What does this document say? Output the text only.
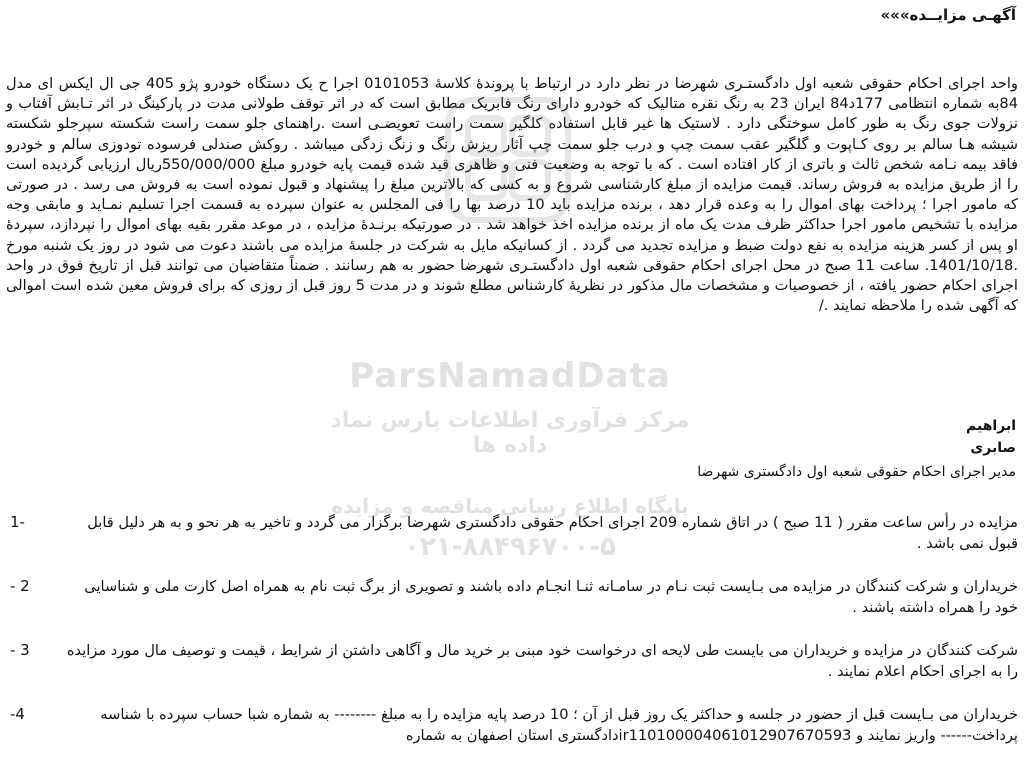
آگهـی مزایــده»»»
واحد اجرای احکام حقوقی شعبه اول دادگستـری شهرضا در نظر دارد در ارتباط با پروندۀ کلاسۀ 0101053 اجرا ح یک دستگاه خودرو پژو 405 جی ال ایکس ای مدل 84به شماره انتظامی 177د84 ایران 23 به رنگ نقره متالیک که خودرو دارای رنگ فابریک مطابق است که در اثر توقف طولانی مدت در پارکینگ در اثر تـابش آفتاب و نزولات جوی رنگ به طور کامل سوختگی دارد . لاستیک ها غیر قابل استفاده کلگیر سمت راست تعویضـی است .راهنمای جلو سمت راست شکسته سپرجلو شکسته شیشه هـا سالم بر روی کـاپوت و گلگیر عقب سمت چپ و درب جلو سمت چپ آثار ریزش رنگ و زنگ زدگی میباشد . روکش صندلی فرسوده تودوزی سالم و خودرو فاقد بیمه نـامه شخص ثالث و باتری از کار افتاده است . که با توجه به وضعیت فنی و ظاهری قید شده قیمت پایه خودرو مبلغ 550/000/000ریال ارزیابی گردیده است را از طریق مزایده به فروش رساند. قیمت مزایده از مبلغ کارشناسی شروع و به کسی که بالاترین مبلغ را پیشنهاد و قبول نموده است به فروش می رسد . در صورتی که مامور اجرا ؛ پرداخت بهای اموال را به وعده قرار دهد ، برنده مزایده باید 10 درصد بها را فی المجلس به عنوان سپرده به قسمت اجرا تسلیم نمـاید و مابقی وجه مزایده با تشخیص مامور اجرا حداکثر ظرف مدت یک ماه از برنده مزایده اخذ خواهد شد . در صورتیکه برنـدۀ مزایده ، در موعد مقرر بقیه بهای اموال را نپردازد، سپردۀ او پس از کسر هزینه مزایده به نفع دولت ضبط و مزایده تجدید می گردد . از کسانیکه مایل به شرکت در جلسۀ مزایده می باشند دعوت می شود در روز یک شنبه مورخ .1401/10/18. ساعت 11 صبح در محل اجرای احکام حقوقی شعبه اول دادگستـری شهرضا حضور به هم رسانند . ضمناً متقاضیان می توانند قبل از تاریخ فوق در واحد اجرای احکام حضور یافته ، از خصوصیات و مشخصات مال مذکور در نظریۀ کارشناس مطلع شوند و در مدت 5 روز قبل از روزی که برای فروش معین شده است اموالی که آگهی شده را ملاحظه نمایند ./
ابراهیم
صابری
مدیر اجرای احکام حقوقی شعبه اول دادگستری شهرضا
1-	مزایده در رأس ساعت مقرر ( 11 صبح ) در اتاق شماره 209 اجرای احکام حقوقی دادگستری شهرضا برگزار می گردد و تاخیر به هر نحو و به هر دلیل قابل قبول نمی باشد .
- 2	خریداران و شرکت کنندگان در مزایده می بـایست ثبت نـام در سامـانه ثنـا انجـام داده باشند و تصویری از برگ ثبت نام به همراه اصل کارت ملی و شناسایی خود را همراه داشته باشند .
- 3	شرکت کنندگان در مزایده و خریداران می بایست طی لایحه ای درخواست خود مبنی بر خرید مال و آگاهی داشتن از شرایط ، قیمت و توصیف مال مورد مزایده را به اجرای احکام اعلام نمایند .
-4	خریداران می بـایست قبل از حضور در جلسه و حداکثر یک روز قبل از آن ؛ 10 درصد پایه مزایده را به مبلغ -------- به شماره شبا حساب سپرده با شناسه پرداخت------ واریز نمایند و ir110100004061012907670593دادگستری استان اصفهان به شماره
ParsNamadData
مرکز فرآوری اطلاعات پارس نماد داده ها
پایگاه اطلاع رسانی مناقصه و مزایده
۰۲۱-۸۸۴۹۶۷۰۰-۵
